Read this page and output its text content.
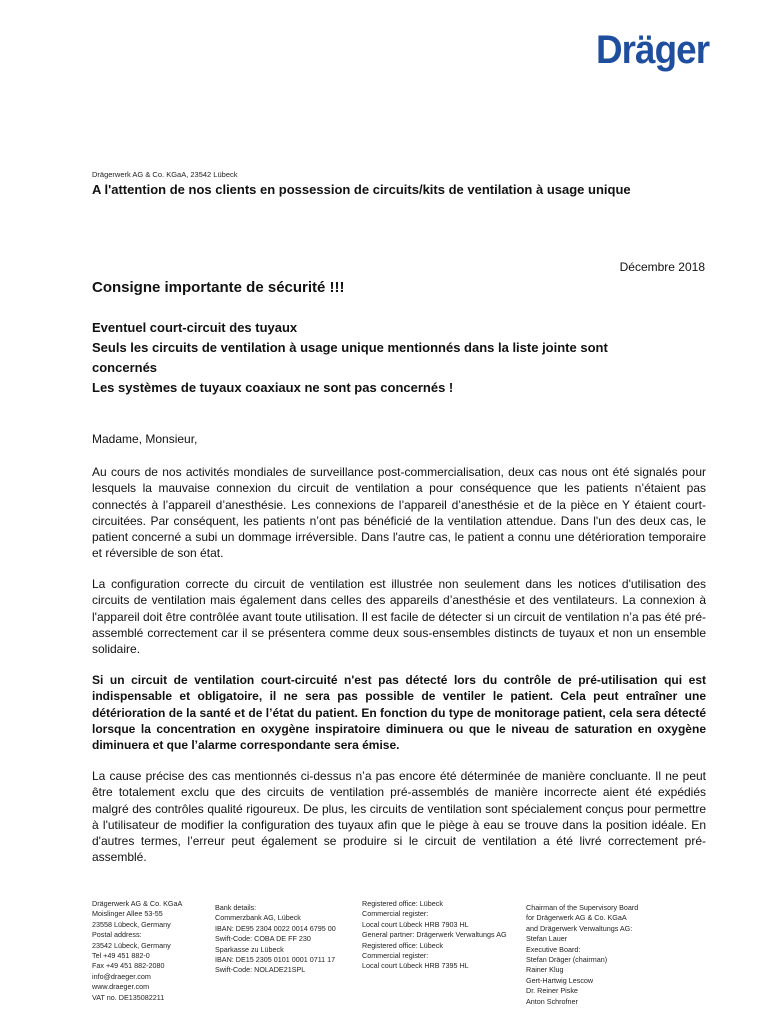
Dräger
Drägerwerk AG & Co. KGaA, 23542 Lübeck
A l'attention de nos clients en possession de circuits/kits de ventilation à usage unique
Décembre 2018
Consigne importante de sécurité !!!
Eventuel court-circuit des tuyaux
Seuls les circuits de ventilation à usage unique mentionnés dans la liste jointe sont concernés
Les systèmes de tuyaux coaxiaux ne sont pas concernés !
Madame, Monsieur,

Au cours de nos activités mondiales de surveillance post-commercialisation, deux cas nous ont été signalés pour lesquels la mauvaise connexion du circuit de ventilation a pour conséquence que les patients n’étaient pas connectés à l’appareil d’anesthésie. Les connexions de l’appareil d’anesthésie et de la pièce en Y étaient court-circuitées. Par conséquent, les patients n’ont pas bénéficié de la ventilation attendue. Dans l'un des deux cas, le patient concerné a subi un dommage irréversible. Dans l'autre cas, le patient a connu une détérioration temporaire et réversible de son état.

La configuration correcte du circuit de ventilation est illustrée non seulement dans les notices d'utilisation des circuits de ventilation mais également dans celles des appareils d’anesthésie et des ventilateurs. La connexion à l'appareil doit être contrôlée avant toute utilisation. Il est facile de détecter si un circuit de ventilation n’a pas été pré-assemblé correctement car il se présentera comme deux sous-ensembles distincts de tuyaux et non un ensemble solidaire.

Si un circuit de ventilation court-circuité n'est pas détecté lors du contrôle de pré-utilisation qui est indispensable et obligatoire, il ne sera pas possible de ventiler le patient. Cela peut entraîner une détérioration de la santé et de l’état du patient. En fonction du type de monitorage patient, cela sera détecté lorsque la concentration en oxygène inspiratoire diminuera ou que le niveau de saturation en oxygène diminuera et que l’alarme correspondante sera émise.

La cause précise des cas mentionnés ci-dessus n’a pas encore été déterminée de manière concluante. Il ne peut être totalement exclu que des circuits de ventilation pré-assemblés de manière incorrecte aient été expédiés malgré des contrôles qualité rigoureux. De plus, les circuits de ventilation sont spécialement conçus pour permettre à l'utilisateur de modifier la configuration des tuyaux afin que le piège à eau se trouve dans la position idéale. En d'autres termes, l’erreur peut également se produire si le circuit de ventilation a été livré correctement pré-assemblé.

Drägerwerk AG & Co. KGaA
Moislinger Allee 53-55
23558 Lübeck, Germany
Postal address:
23542 Lübeck, Germany
Tel +49 451 882-0
Fax +49 451 882-2080
info@draeger.com
www.draeger.com
VAT no. DE135082211
Bank details:
Commerzbank AG, Lübeck
IBAN: DE95 2304 0022 0014 6795 00
Swift-Code: COBA DE FF 230
Sparkasse zu Lübeck
IBAN: DE15 2305 0101 0001 0711 17
Swift-Code: NOLADE21SPL
Registered office: Lübeck
Commercial register:
Local court Lübeck HRB 7903 HL
General partner: Drägerwerk Verwaltungs AG
Registered office: Lübeck
Commercial register:
Local court Lübeck HRB 7395 HL
Chairman of the Supervisory Board
for Drägerwerk AG & Co. KGaA
and Drägerwerk Verwaltungs AG:
Stefan Lauer
Executive Board:
Stefan Dräger (chairman)
Rainer Klug
Gert-Hartwig Lescow
Dr. Reiner Piske
Anton Schrofner
